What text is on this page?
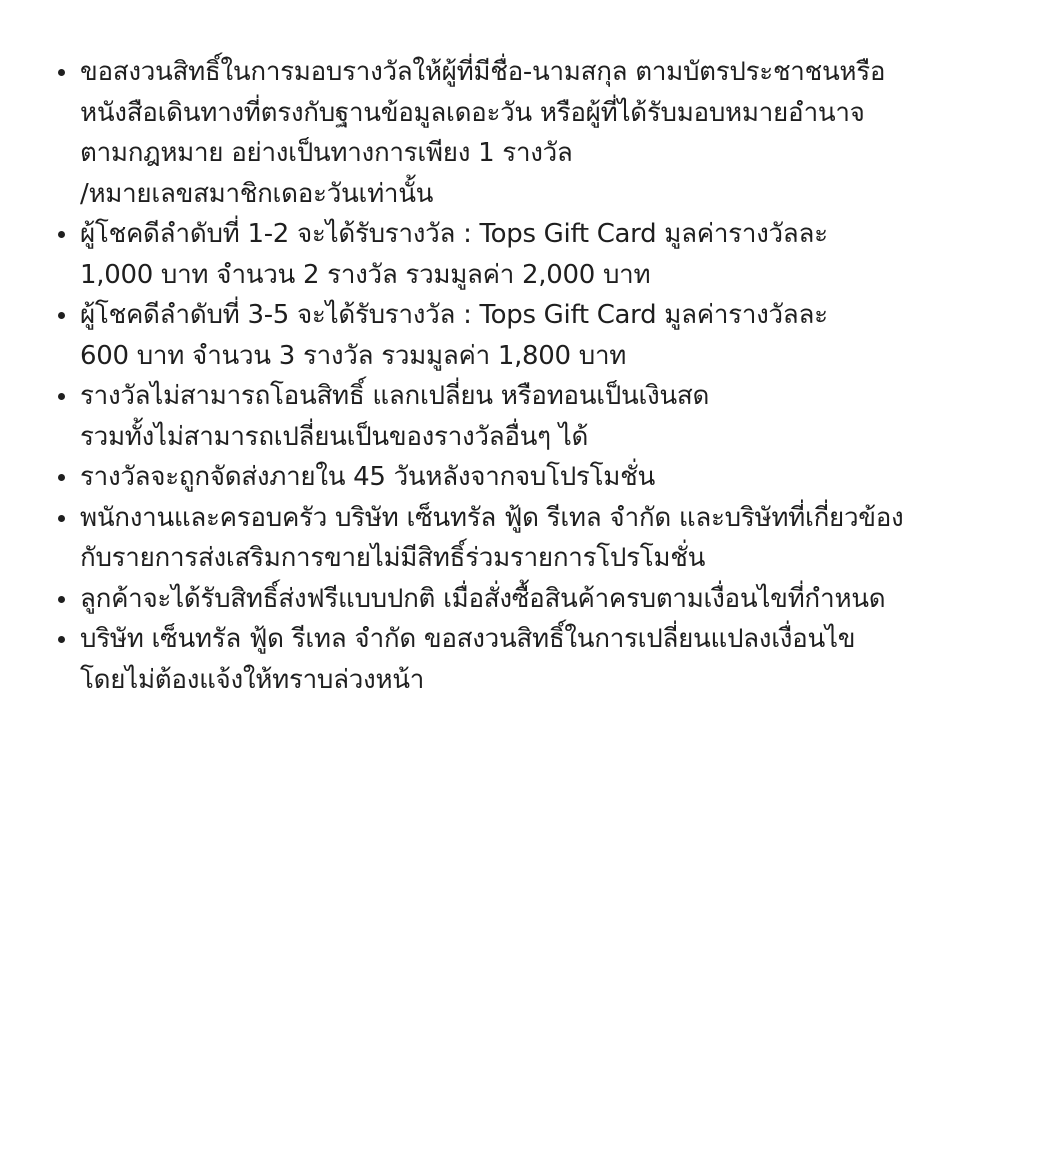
ขอสงวนสิทธิ์ในการมอบรางวัลให้ผู้ที่มีชื่อ-นามสกุล ตามบัตรประชาชนหรือ
หนังสือเดินทางที่ตรงกับฐานข้อมูลเดอะวัน หรือผู้ที่ได้รับมอบหมายอำนาจ
ตามกฎหมาย อย่างเป็นทางการเพียง 1 รางวัล
/หมายเลขสมาชิกเดอะวันเท่านั้น
ผู้โชคดีลำดับที่ 1-2 จะได้รับรางวัล : Tops Gift Card มูลค่ารางวัลละ
1,000 บาท จำนวน 2 รางวัล รวมมูลค่า 2,000 บาท
ผู้โชคดีลำดับที่ 3-5 จะได้รับรางวัล : Tops Gift Card มูลค่ารางวัลละ
600 บาท จำนวน 3 รางวัล รวมมูลค่า 1,800 บาท
รางวัลไม่สามารถโอนสิทธิ์ แลกเปลี่ยน หรือทอนเป็นเงินสด
รวมทั้งไม่สามารถเปลี่ยนเป็นของรางวัลอื่นๆ ได้
รางวัลจะถูกจัดส่งภายใน 45 วันหลังจากจบโปรโมชั่น
พนักงานและครอบครัว บริษัท เซ็นทรัล ฟู้ด รีเทล จำกัด และบริษัทที่เกี่ยวข้อง
กับรายการส่งเสริมการขายไม่มีสิทธิ์ร่วมรายการโปรโมชั่น
ลูกค้าจะได้รับสิทธิ์ส่งฟรีแบบปกติ เมื่อสั่งซื้อสินค้าครบตามเงื่อนไขที่กำหนด
บริษัท เซ็นทรัล ฟู้ด รีเทล จำกัด ขอสงวนสิทธิ์ในการเปลี่ยนแปลงเงื่อนไข
โดยไม่ต้องแจ้งให้ทราบล่วงหน้า
